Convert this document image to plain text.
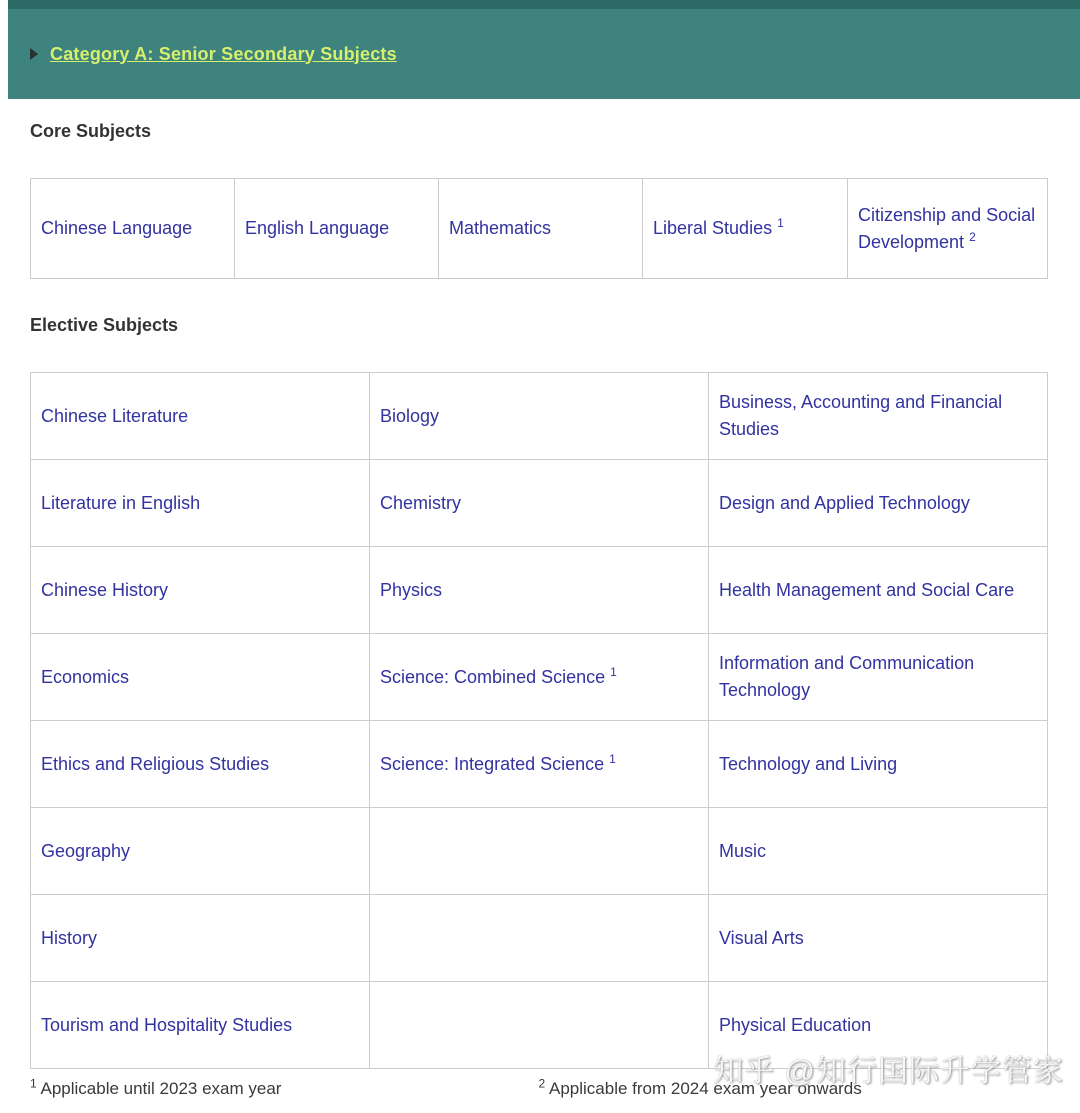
Category A: Senior Secondary Subjects
Core Subjects
Chinese Language	English Language	Mathematics	Liberal Studies $^1$	Citizenship and Social Development $^2$
Elective Subjects
Chinese Literature	Biology	Business, Accounting and Financial Studies
Literature in English	Chemistry	Design and Applied Technology
Chinese History	Physics	Health Management and Social Care
Economics	Science: Combined Science $^1$	Information and Communication Technology
Ethics and Religious Studies	Science: Integrated Science $^1$	Technology and Living
Geography		Music
History		Visual Arts
Tourism and Hospitality Studies		Physical Education
$^1$ Applicable until 2023 exam year	$^2$ Applicable from 2024 exam year onwards
知乎 @知行国际升学管家
